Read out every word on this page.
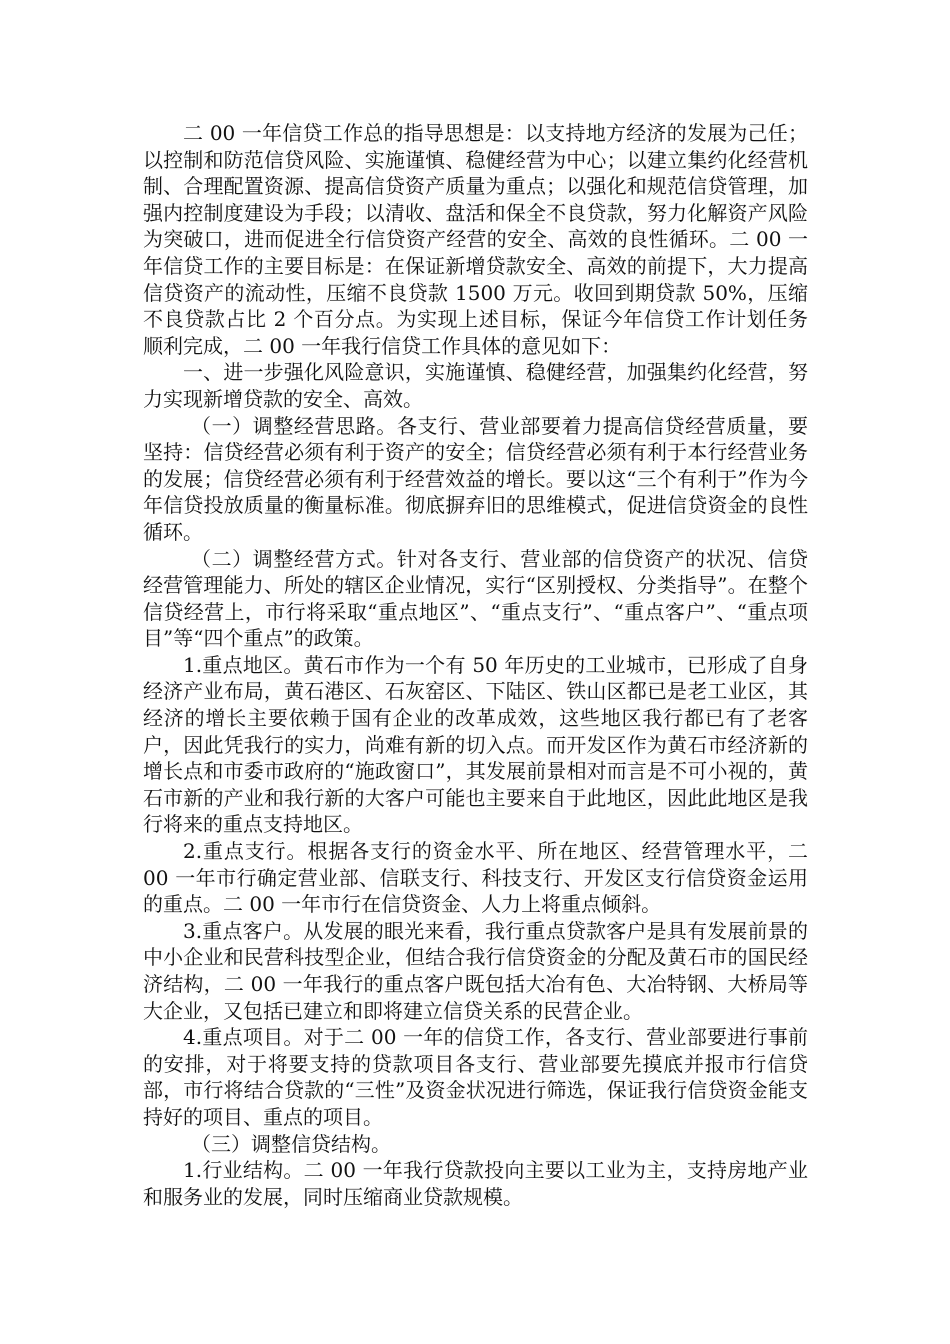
二 00 一年信贷工作总的指导思想是：以支持地方经济的发展为己任；以控制和防范信贷风险、实施谨慎、稳健经营为中心；以建立集约化经营机制、合理配置资源、提高信贷资产质量为重点；以强化和规范信贷管理，加强内控制度建设为手段；以清收、盘活和保全不良贷款，努力化解资产风险为突破口，进而促进全行信贷资产经营的安全、高效的良性循环。二 00 一年信贷工作的主要目标是：在保证新增贷款安全、高效的前提下，大力提高信贷资产的流动性，压缩不良贷款 1500 万元。收回到期贷款 50%，压缩不良贷款占比 2 个百分点。为实现上述目标，保证今年信贷工作计划任务顺利完成，二 00 一年我行信贷工作具体的意见如下：

一、进一步强化风险意识，实施谨慎、稳健经营，加强集约化经营，努力实现新增贷款的安全、高效。

（一）调整经营思路。各支行、营业部要着力提高信贷经营质量，要坚持：信贷经营必须有利于资产的安全；信贷经营必须有利于本行经营业务的发展；信贷经营必须有利于经营效益的增长。要以这“三个有利于”作为今年信贷投放质量的衡量标准。彻底摒弃旧的思维模式，促进信贷资金的良性循环。

（二）调整经营方式。针对各支行、营业部的信贷资产的状况、信贷经营管理能力、所处的辖区企业情况，实行“区别授权、分类指导”。在整个信贷经营上，市行将采取“重点地区”、“重点支行”、“重点客户”、“重点项目”等“四个重点”的政策。

1.重点地区。黄石市作为一个有 50 年历史的工业城市，已形成了自身经济产业布局，黄石港区、石灰窑区、下陆区、铁山区都已是老工业区，其经济的增长主要依赖于国有企业的改革成效，这些地区我行都已有了老客户，因此凭我行的实力，尚难有新的切入点。而开发区作为黄石市经济新的增长点和市委市政府的“施政窗口”，其发展前景相对而言是不可小视的，黄石市新的产业和我行新的大客户可能也主要来自于此地区，因此此地区是我行将来的重点支持地区。

2.重点支行。根据各支行的资金水平、所在地区、经营管理水平，二 00 一年市行确定营业部、信联支行、科技支行、开发区支行信贷资金运用的重点。二 00 一年市行在信贷资金、人力上将重点倾斜。

3.重点客户。从发展的眼光来看，我行重点贷款客户是具有发展前景的中小企业和民营科技型企业，但结合我行信贷资金的分配及黄石市的国民经济结构，二 00 一年我行的重点客户既包括大冶有色、大冶特钢、大桥局等大企业，又包括已建立和即将建立信贷关系的民营企业。

4.重点项目。对于二 00 一年的信贷工作，各支行、营业部要进行事前的安排，对于将要支持的贷款项目各支行、营业部要先摸底并报市行信贷部，市行将结合贷款的“三性”及资金状况进行筛选，保证我行信贷资金能支持好的项目、重点的项目。

（三）调整信贷结构。

1.行业结构。二 00 一年我行贷款投向主要以工业为主，支持房地产业和服务业的发展，同时压缩商业贷款规模。
